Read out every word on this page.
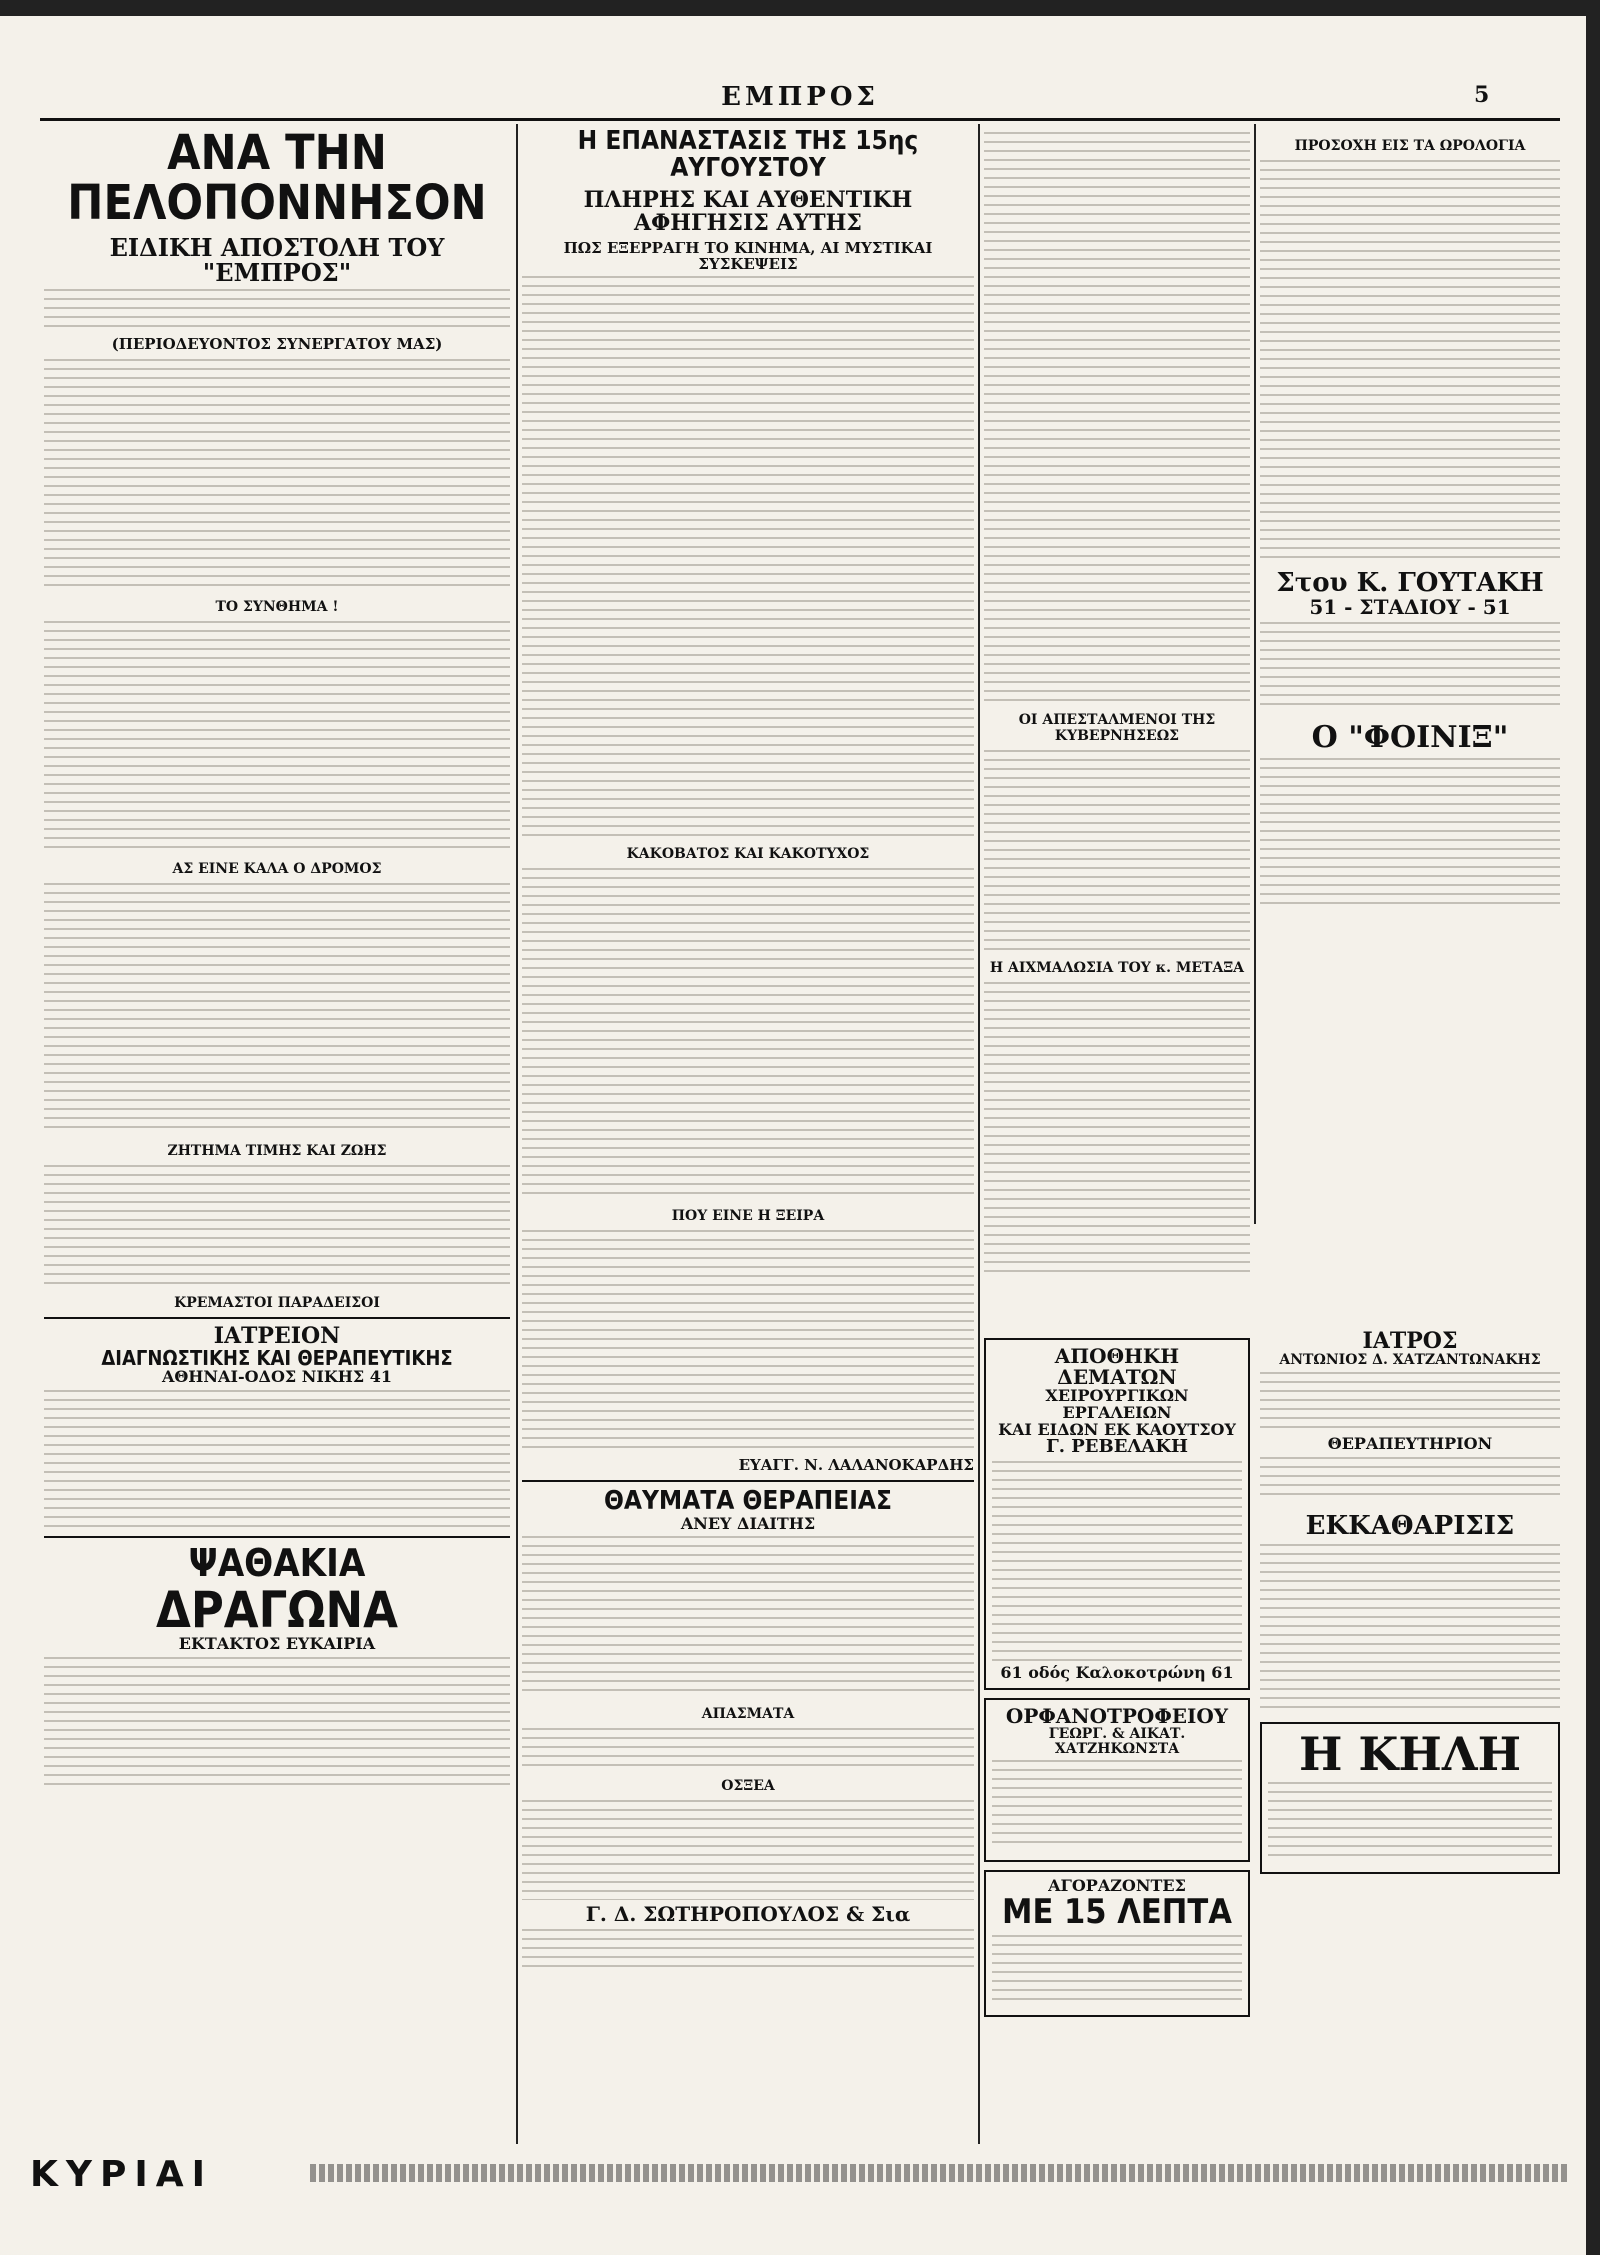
ΕΜΠΡΟΣ	5
ΑΝΑ ΤΗΝ ΠΕΛΟΠΟΝΝΗΣΟΝ
ΕΙΔΙΚΗ ΑΠΟΣΤΟΛΗ ΤΟΥ "ΕΜΠΡΟΣ"
(ΠΕΡΙΟΔΕΥΟΝΤΟΣ ΣΥΝΕΡΓΑΤΟΥ ΜΑΣ)
ΤΟ ΣΥΝΘΗΜΑ !
ΑΣ ΕΙΝΕ ΚΑΛΑ Ο ΔΡΟΜΟΣ
ΖΗΤΗΜΑ ΤΙΜΗΣ ΚΑΙ ΖΩΗΣ
ΚΡΕΜΑΣΤΟΙ ΠΑΡΑΔΕΙΣΟΙ
ΙΑΤΡΕΙΟΝ
ΔΙΑΓΝΩΣΤΙΚΗΣ ΚΑΙ ΘΕΡΑΠΕΥΤΙΚΗΣ
ΑΘΗΝΑΙ-ΟΔΟΣ ΝΙΚΗΣ 41
ΨΑΘΑΚΙΑ
ΔΡΑΓΩΝΑ
ΕΚΤΑΚΤΟΣ ΕΥΚΑΙΡΙΑ
Η ΕΠΑΝΑΣΤΑΣΙΣ ΤΗΣ 15ης ΑΥΓΟΥΣΤΟΥ
ΠΛΗΡΗΣ ΚΑΙ ΑΥΘΕΝΤΙΚΗ ΑΦΗΓΗΣΙΣ ΑΥΤΗΣ
ΠΩΣ ΕΞΕΡΡΑΓΗ ΤΟ ΚΙΝΗΜΑ, ΑΙ ΜΥΣΤΙΚΑΙ ΣΥΣΚΕΨΕΙΣ
ΚΑΚΟΒΑΤΟΣ ΚΑΙ ΚΑΚΟΤΥΧΟΣ
ΠΟΥ ΕΙΝΕ Η ΞΕΙΡΑ
ΕΥΑΓΓ. Ν. ΛΑΛΑΝΟΚΑΡΔΗΣ
ΘΑΥΜΑΤΑ ΘΕΡΑΠΕΙΑΣ
ΑΝΕΥ ΔΙΑΙΤΗΣ
ΑΠΑΣΜΑΤΑ
ΟΣΞΕΑ
Γ. Δ. ΣΩΤΗΡΟΠΟΥΛΟΣ & Σια
ΟΙ ΑΠΕΣΤΑΛΜΕΝΟΙ ΤΗΣ ΚΥΒΕΡΝΗΣΕΩΣ
Η ΑΙΧΜΑΛΩΣΙΑ ΤΟΥ κ. ΜΕΤΑΞΑ
ΠΡΟΣΟΧΗ ΕΙΣ ΤΑ ΩΡΟΛΟΓΙΑ
Στου Κ. ΓΟΥΤΑΚΗ
51 - ΣΤΑΔΙΟΥ - 51
Ο "ΦΟΙΝΙΞ"
ΑΠΟΘΗΚΗ ΔΕΜΑΤΩΝ
ΧΕΙΡΟΥΡΓΙΚΩΝ ΕΡΓΑΛΕΙΩΝ
ΚΑΙ ΕΙΔΩΝ ΕΚ ΚΑΟΥΤΣΟΥ
Γ. ΡΕΒΕΛΑΚΗ
61 οδός Καλοκοτρώνη 61
ΟΡΦΑΝΟΤΡΟΦΕΙΟΥ
ΓΕΩΡΓ. & ΑΙΚΑΤ. ΧΑΤΖΗΚΩΝΣΤΑ
ΑΓΟΡΑΖΟΝΤΕΣ
ΜΕ 15 ΛΕΠΤΑ
ΙΑΤΡΟΣ
ΑΝΤΩΝΙΟΣ Δ. ΧΑΤΖΑΝΤΩΝΑΚΗΣ
ΘΕΡΑΠΕΥΤΗΡΙΟΝ
ΕΚΚΑΘΑΡΙΣΙΣ
Η ΚΗΛΗ
ΚΥΡΙΑΙ
